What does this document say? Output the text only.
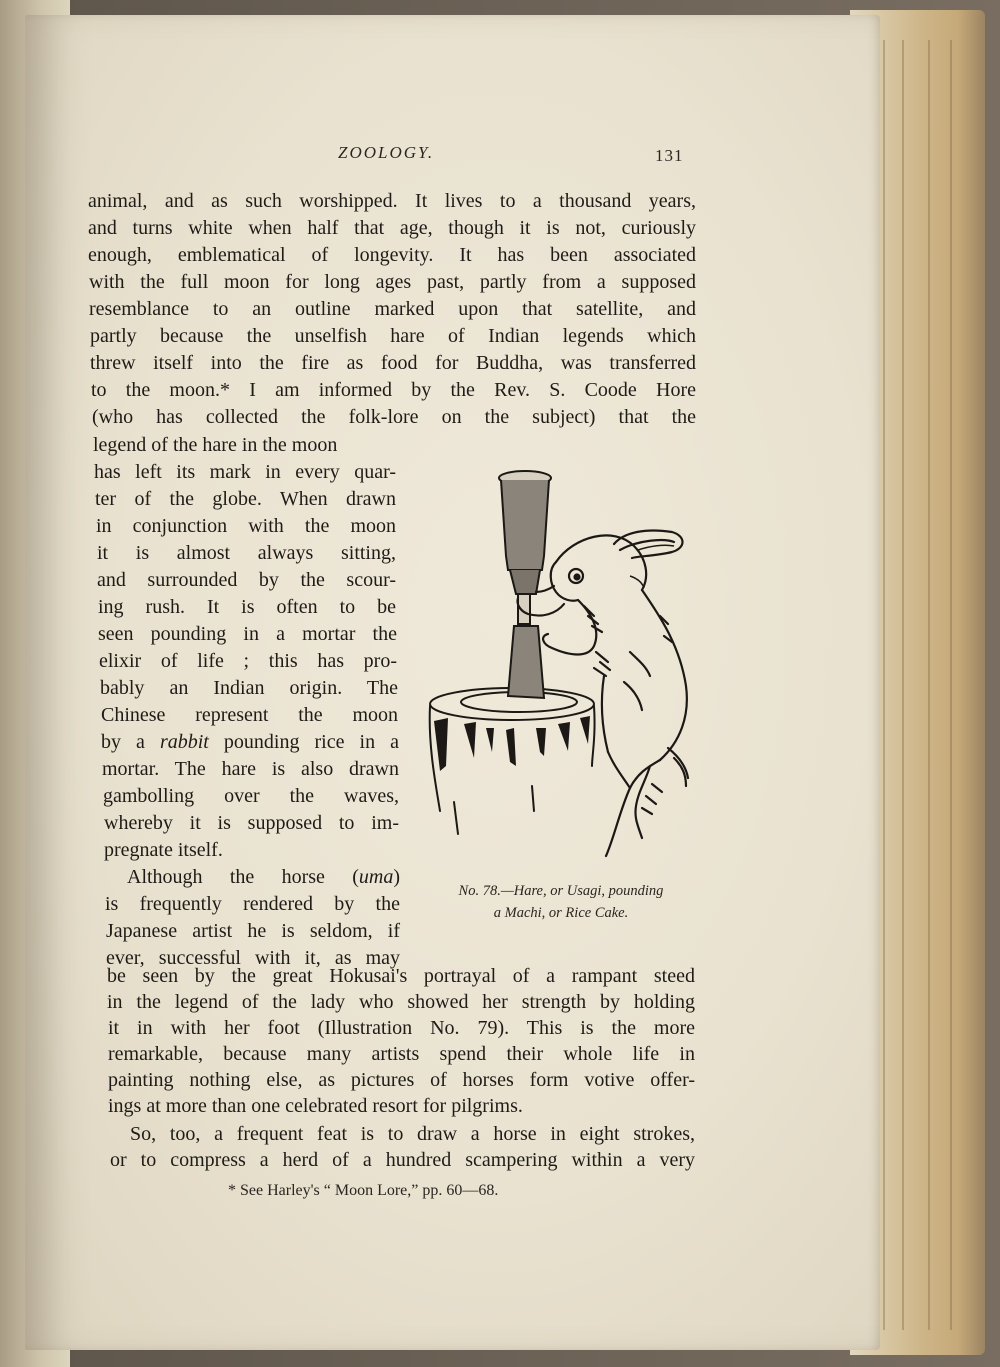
ZOOLOGY.	131
animal, and as such worshipped. It lives to a thousand years,
and turns white when half that age, though it is not, curiously
enough, emblematical of longevity. It has been associated
with the full moon for long ages past, partly from a supposed
resemblance to an outline marked upon that satellite, and
partly because the unselfish hare of Indian legends which
threw itself into the fire as food for Buddha, was transferred
to the moon.* I am informed by the Rev. S. Coode Hore
(who has collected the folk-lore on the subject) that the
legend of the hare in the moon
has left its mark in every quar-
ter of the globe. When drawn
in conjunction with the moon
it is almost always sitting,
and surrounded by the scour-
ing rush. It is often to be
seen pounding in a mortar the
elixir of life ; this has pro-
bably an Indian origin. The
Chinese represent the moon
by a rabbit pounding rice in a
mortar. The hare is also drawn
gambolling over the waves,
whereby it is supposed to im-
pregnate itself.
Although the horse (uma)
is frequently rendered by the
Japanese artist he is seldom, if
ever, successful with it, as may
No. 78.—Hare, or Usagi, pounding
a Machi, or Rice Cake.
be seen by the great Hokusai's portrayal of a rampant steed
in the legend of the lady who showed her strength by holding
it in with her foot (Illustration No. 79). This is the more
remarkable, because many artists spend their whole life in
painting nothing else, as pictures of horses form votive offer-
ings at more than one celebrated resort for pilgrims.
So, too, a frequent feat is to draw a horse in eight strokes,
or to compress a herd of a hundred scampering within a very
* See Harley's “ Moon Lore,” pp. 60—68.
